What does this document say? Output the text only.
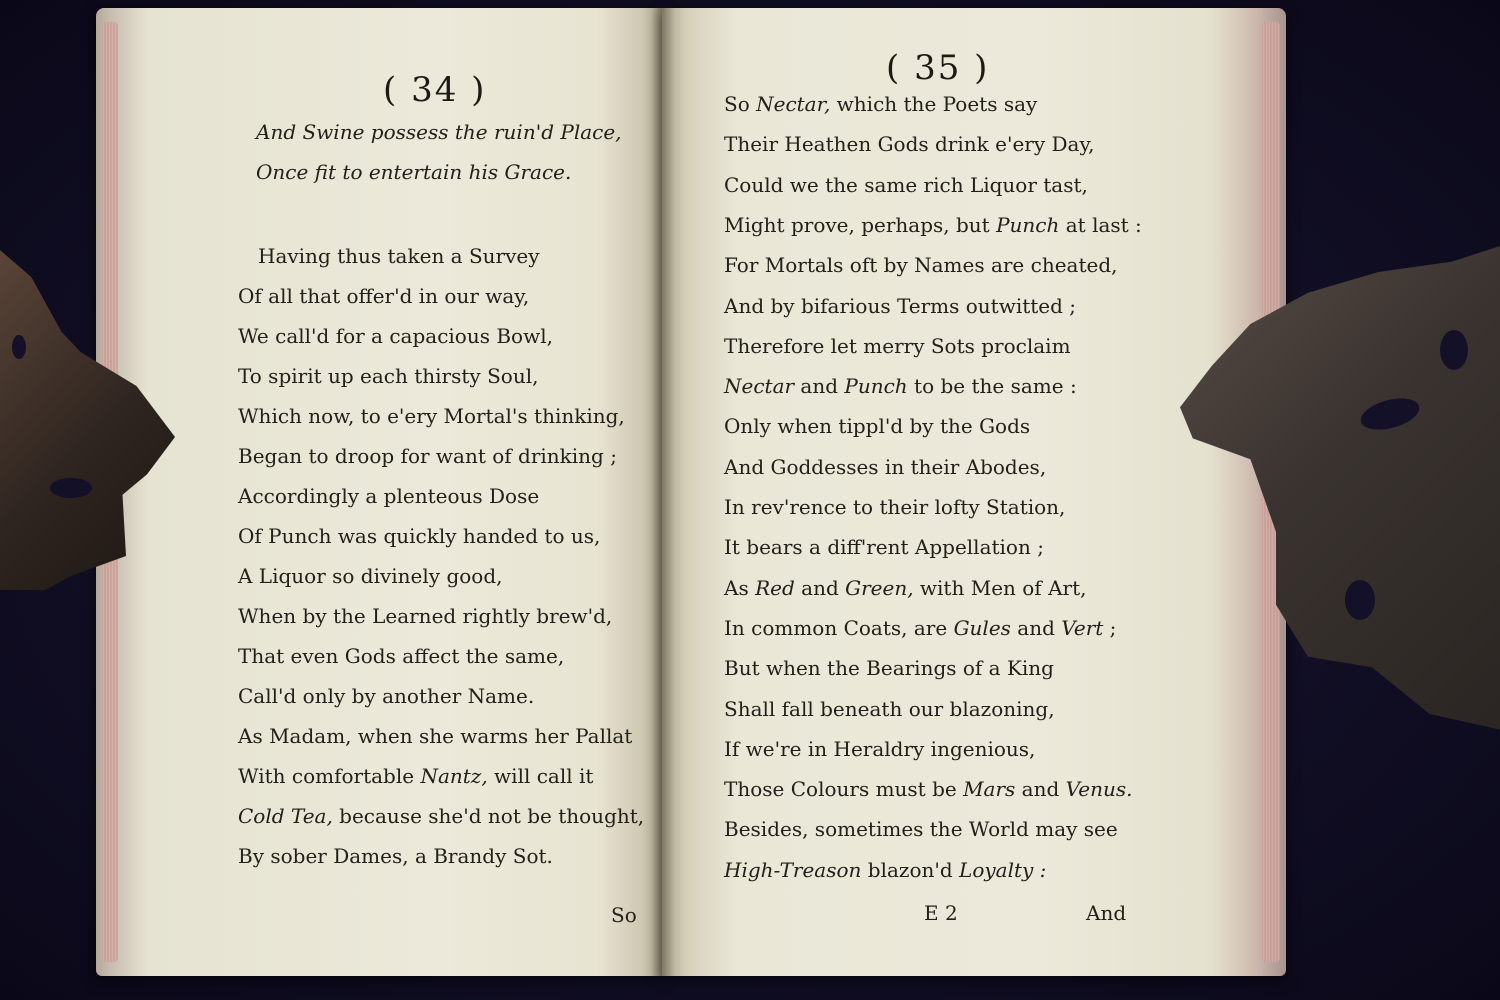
( 34 )
And Swine possess the ruin'd Place,
Once fit to entertain his Grace.
Having thus taken a Survey
Of all that offer'd in our way,
We call'd for a capacious Bowl,
To spirit up each thirsty Soul,
Which now, to e'ery Mortal's thinking,
Began to droop for want of drinking ;
Accordingly a plenteous Dose
Of Punch was quickly handed to us,
A Liquor so divinely good,
When by the Learned rightly brew'd,
That even Gods affect the same,
Call'd only by another Name.
As Madam, when she warms her Pallat
With comfortable Nantz, will call it
Cold Tea, because she'd not be thought,
By sober Dames, a Brandy Sot.
So
( 35 )
So Nectar, which the Poets say
Their Heathen Gods drink e'ery Day,
Could we the same rich Liquor tast,
Might prove, perhaps, but Punch at last :
For Mortals oft by Names are cheated,
And by bifarious Terms outwitted ;
Therefore let merry Sots proclaim
Nectar and Punch to be the same :
Only when tippl'd by the Gods
And Goddesses in their Abodes,
In rev'rence to their lofty Station,
It bears a diff'rent Appellation ;
As Red and Green, with Men of Art,
In common Coats, are Gules and Vert ;
But when the Bearings of a King
Shall fall beneath our blazoning,
If we're in Heraldry ingenious,
Those Colours must be Mars and Venus.
Besides, sometimes the World may see
High-Treason blazon'd Loyalty :
E 2	And
